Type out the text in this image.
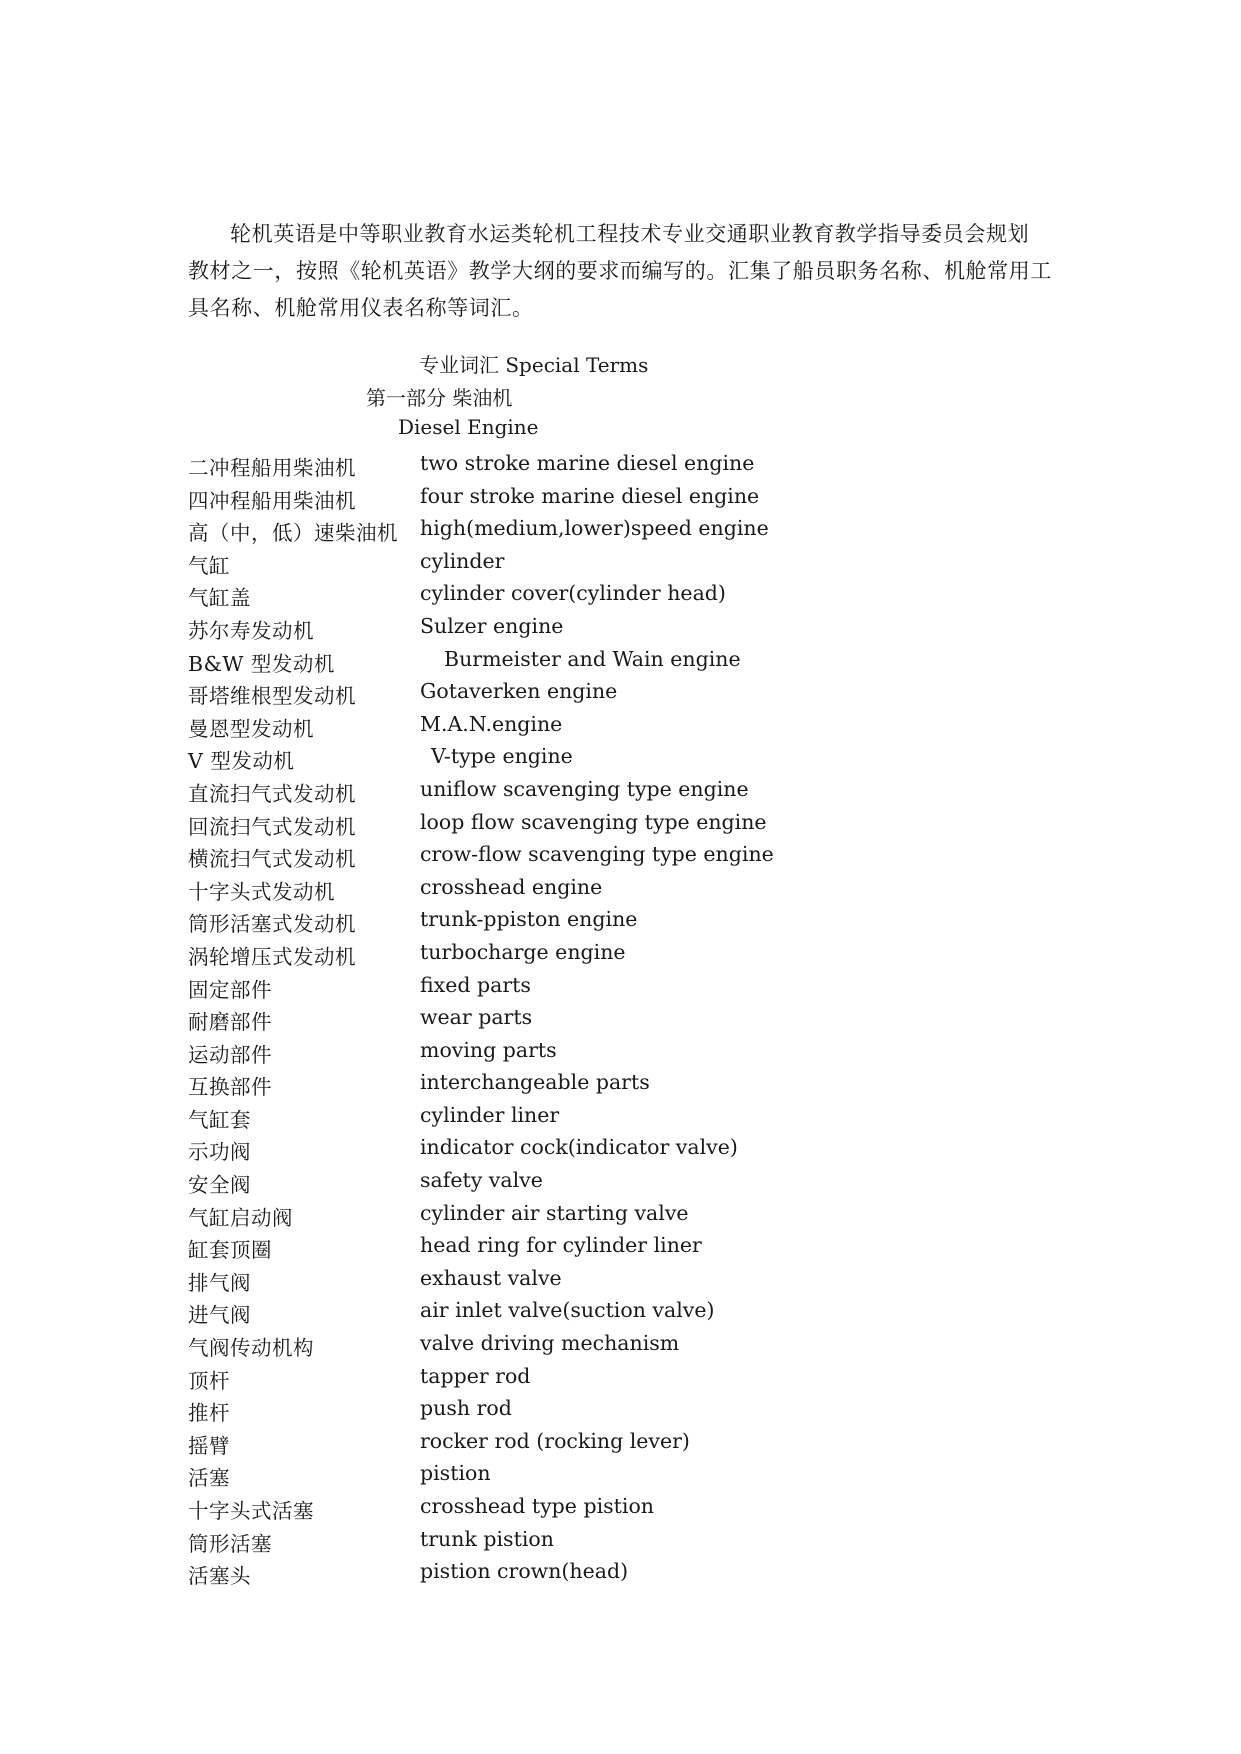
轮机英语是中等职业教育水运类轮机工程技术专业交通职业教育教学指导委员会规划

教材之一，按照《轮机英语》教学大纲的要求而编写的。汇集了船员职务名称、机舱常用工

具名称、机舱常用仪表名称等词汇。

专业词汇 Special Terms
第一部分 柴油机
Diesel Engine
二冲程船用柴油机	two stroke marine diesel engine
四冲程船用柴油机	four stroke marine diesel engine
高（中，低）速柴油机 high(medium,lower)speed engine
气缸	cylinder
气缸盖	cylinder cover(cylinder head)
苏尔寿发动机	Sulzer engine
B&W 型发动机	Burmeister and Wain engine
哥塔维根型发动机	Gotaverken engine
曼恩型发动机	M.A.N.engine
V 型发动机	V-type engine
直流扫气式发动机	uniflow scavenging type engine
回流扫气式发动机	loop flow scavenging type engine
横流扫气式发动机	crow-flow scavenging type engine
十字头式发动机	crosshead engine
筒形活塞式发动机	trunk-ppiston engine
涡轮增压式发动机	turbocharge engine
固定部件	fixed parts
耐磨部件	wear parts
运动部件	moving parts
互换部件	interchangeable parts
气缸套	cylinder liner
示功阀	indicator cock(indicator valve)
安全阀	safety valve
气缸启动阀	cylinder air starting valve
缸套顶圈	head ring for cylinder liner
排气阀	exhaust valve
进气阀	air inlet valve(suction valve)
气阀传动机构	valve driving mechanism
顶杆	tapper rod
推杆	push rod
摇臂	rocker rod (rocking lever)
活塞	pistion
十字头式活塞	crosshead type pistion
筒形活塞	trunk pistion
活塞头	pistion crown(head)
